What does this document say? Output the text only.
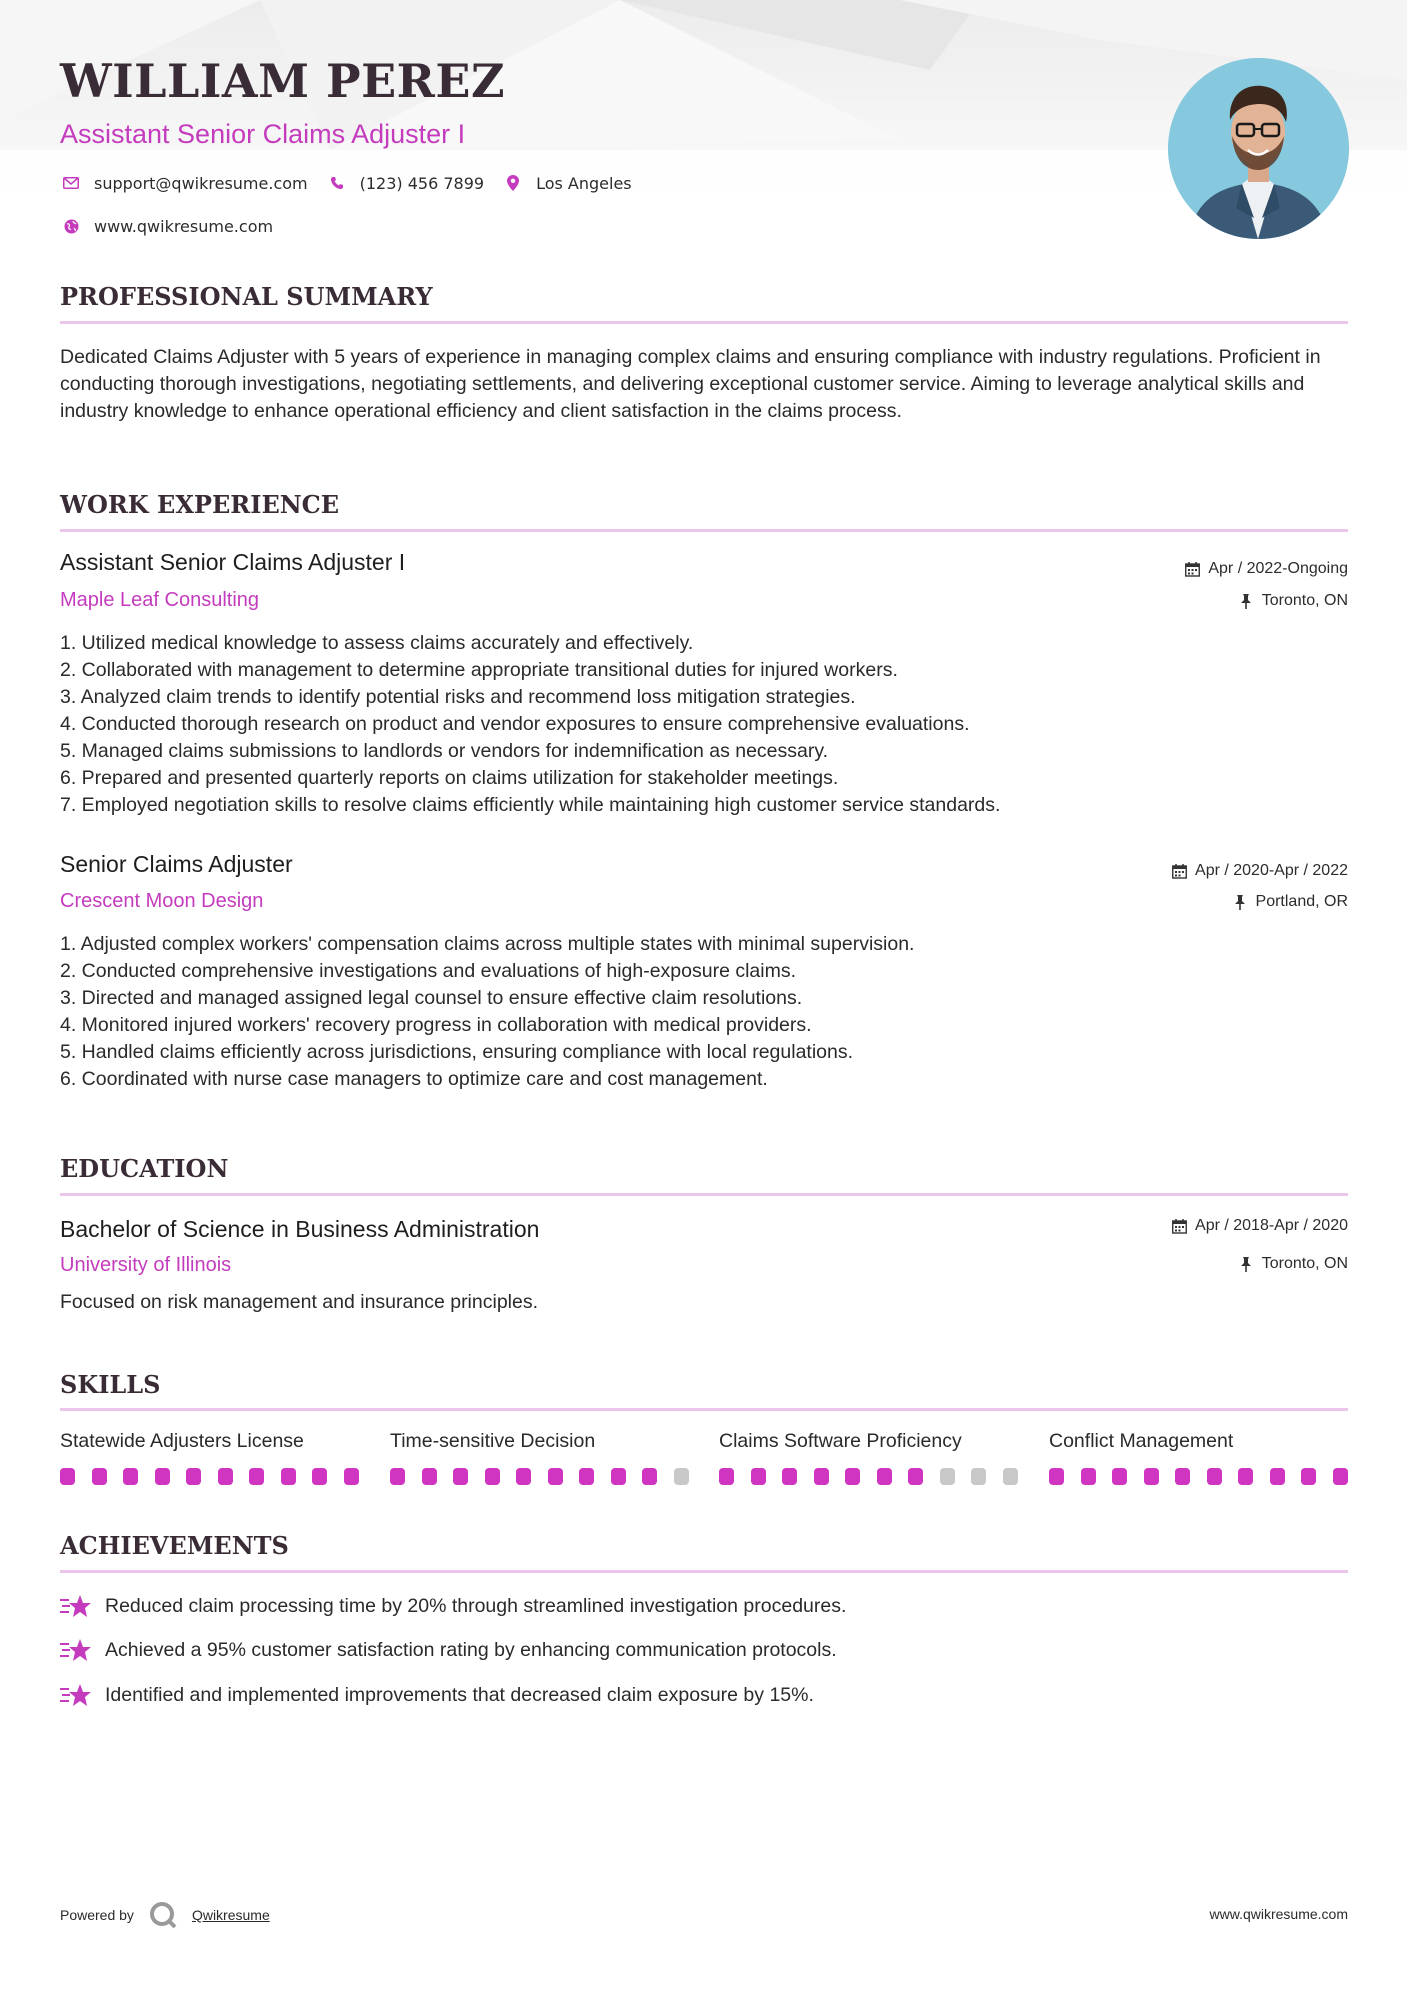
WILLIAM PEREZ
Assistant Senior Claims Adjuster I
support@qwikresume.com	(123) 456 7899	Los Angeles
www.qwikresume.com
PROFESSIONAL SUMMARY

Dedicated Claims Adjuster with 5 years of experience in managing complex claims and ensuring compliance with industry regulations. Proficient in conducting thorough investigations, negotiating settlements, and delivering exceptional customer service. Aiming to leverage analytical skills and industry knowledge to enhance operational efficiency and client satisfaction in the claims process.

WORK EXPERIENCE
Assistant Senior Claims Adjuster I
Maple Leaf Consulting
Apr / 2022-Ongoing
Toronto, ON
1. Utilized medical knowledge to assess claims accurately and effectively.
2. Collaborated with management to determine appropriate transitional duties for injured workers.
3. Analyzed claim trends to identify potential risks and recommend loss mitigation strategies.
4. Conducted thorough research on product and vendor exposures to ensure comprehensive evaluations.
5. Managed claims submissions to landlords or vendors for indemnification as necessary.
6. Prepared and presented quarterly reports on claims utilization for stakeholder meetings.
7. Employed negotiation skills to resolve claims efficiently while maintaining high customer service standards.
Senior Claims Adjuster
Crescent Moon Design
Apr / 2020-Apr / 2022
Portland, OR
1. Adjusted complex workers' compensation claims across multiple states with minimal supervision.
2. Conducted comprehensive investigations and evaluations of high-exposure claims.
3. Directed and managed assigned legal counsel to ensure effective claim resolutions.
4. Monitored injured workers' recovery progress in collaboration with medical providers.
5. Handled claims efficiently across jurisdictions, ensuring compliance with local regulations.
6. Coordinated with nurse case managers to optimize care and cost management.
EDUCATION
Bachelor of Science in Business Administration
University of Illinois
Apr / 2018-Apr / 2020
Toronto, ON

Focused on risk management and insurance principles.

SKILLS
Statewide Adjusters License	Time-sensitive Decision	Claims Software Proficiency	Conflict Management
ACHIEVEMENTS
Reduced claim processing time by 20% through streamlined investigation procedures.
Achieved a 95% customer satisfaction rating by enhancing communication protocols.
Identified and implemented improvements that decreased claim exposure by 15%.
Powered by	Qwikresume	www.qwikresume.com
